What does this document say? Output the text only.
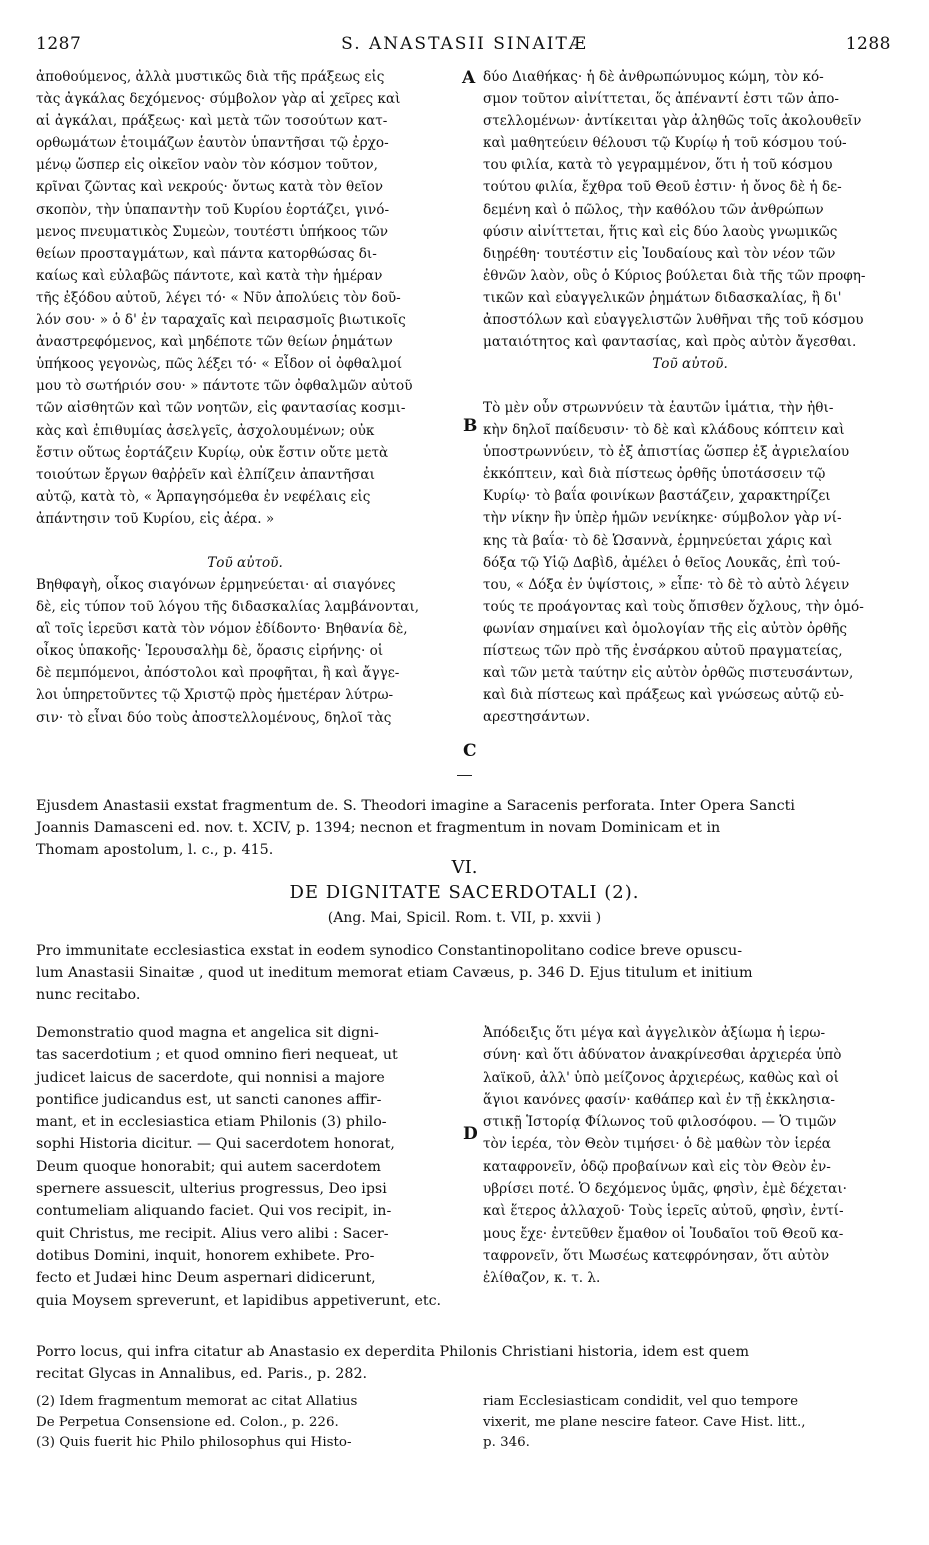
1287	S. ANASTASII SINAITÆ	1288
ἀποθούμενος, ἀλλὰ μυστικῶς διὰ τῆς πράξεως εἰς
τὰς ἀγκάλας δεχόμενος· σύμβολον γὰρ αἱ χεῖρες καὶ
αἱ ἀγκάλαι, πράξεως· καὶ μετὰ τῶν τοσούτων κατ-
ορθωμάτων ἑτοιμάζων ἑαυτὸν ὑπαντῆσαι τῷ ἐρχο-
μένῳ ὥσπερ εἰς οἰκεῖον ναὸν τὸν κόσμον τοῦτον,
κρῖναι ζῶντας καὶ νεκρούς· ὄντως κατὰ τὸν θεῖον
σκοπὸν, τὴν ὑπαπαντὴν τοῦ Κυρίου ἑορτάζει, γινό-
μενος πνευματικὸς Συμεὼν, τουτέστι ὑπήκοος τῶν
θείων προσταγμάτων, καὶ πάντα κατορθώσας δι-
καίως καὶ εὐλαβῶς πάντοτε, καὶ κατὰ τὴν ἡμέραν
τῆς ἐξόδου αὐτοῦ, λέγει τό· « Νῦν ἀπολύεις τὸν δοῦ-
λόν σου· » ὁ δ' ἐν ταραχαῖς καὶ πειρασμοῖς βιωτικοῖς
ἀναστρεφόμενος, καὶ μηδέποτε τῶν θείων ῥημάτων
ὑπήκοος γεγονὼς, πῶς λέξει τό· « Εἶδον οἱ ὀφθαλμοί
μου τὸ σωτήριόν σου· » πάντοτε τῶν ὀφθαλμῶν αὐτοῦ
τῶν αἰσθητῶν καὶ τῶν νοητῶν, εἰς φαντασίας κοσμι-
κὰς καὶ ἐπιθυμίας ἀσελγεῖς, ἀσχολουμένων; οὐκ
ἔστιν οὕτως ἑορτάζειν Κυρίῳ, οὐκ ἔστιν οὔτε μετὰ
τοιούτων ἔργων θαῤῥεῖν καὶ ἐλπίζειν ἀπαντῆσαι
αὐτῷ, κατὰ τὸ, « Ἁρπαγησόμεθα ἐν νεφέλαις εἰς
ἀπάντησιν τοῦ Κυρίου, εἰς ἀέρα. »
Τοῦ αὐτοῦ.
Βηθφαγὴ, οἶκος σιαγόνων ἑρμηνεύεται· αἱ σιαγόνες
δὲ, εἰς τύπον τοῦ λόγου τῆς διδασκαλίας λαμβάνονται,
αἳ τοῖς ἱερεῦσι κατὰ τὸν νόμον ἐδίδοντο· Βηθανία δὲ,
οἶκος ὑπακοῆς· Ἱερουσαλὴμ δὲ, ὅρασις εἰρήνης· οἱ
δὲ πεμπόμενοι, ἀπόστολοι καὶ προφῆται, ἢ καὶ ἄγγε-
λοι ὑπηρετοῦντες τῷ Χριστῷ πρὸς ἡμετέραν λύτρω-
σιν· τὸ εἶναι δύο τοὺς ἀποστελλομένους, δηλοῖ τὰς
δύο Διαθήκας· ἡ δὲ ἀνθρωπώνυμος κώμη, τὸν κό-
σμον τοῦτον αἰνίττεται, ὅς ἀπέναντί ἐστι τῶν ἀπο-
στελλομένων· ἀντίκειται γὰρ ἀληθῶς τοῖς ἀκολουθεῖν
καὶ μαθητεύειν θέλουσι τῷ Κυρίῳ ἡ τοῦ κόσμου τού-
του φιλία, κατὰ τὸ γεγραμμένον, ὅτι ἡ τοῦ κόσμου
τούτου φιλία, ἔχθρα τοῦ Θεοῦ ἐστιν· ἡ ὄνος δὲ ἡ δε-
δεμένη καὶ ὁ πῶλος, τὴν καθόλου τῶν ἀνθρώπων
φύσιν αἰνίττεται, ἥτις καὶ εἰς δύο λαοὺς γνωμικῶς
διῃρέθη· τουτέστιν εἰς Ἰουδαίους καὶ τὸν νέον τῶν
ἐθνῶν λαὸν, οὓς ὁ Κύριος βούλεται διὰ τῆς τῶν προφη-
τικῶν καὶ εὐαγγελικῶν ῥημάτων διδασκαλίας, ἢ δι'
ἀποστόλων καὶ εὐαγγελιστῶν λυθῆναι τῆς τοῦ κόσμου
ματαιότητος καὶ φαντασίας, καὶ πρὸς αὐτὸν ἄγεσθαι.
Τοῦ αὐτοῦ.
Τὸ μὲν οὖν στρωννύειν τὰ ἑαυτῶν ἱμάτια, τὴν ἠθι-
κὴν δηλοῖ παίδευσιν· τὸ δὲ καὶ κλάδους κόπτειν καὶ
ὑποστρωννύειν, τὸ ἐξ ἀπιστίας ὥσπερ ἐξ ἀγριελαίου
ἐκκόπτειν, καὶ διὰ πίστεως ὀρθῆς ὑποτάσσειν τῷ
Κυρίῳ· τὸ βαΐα φοινίκων βαστάζειν, χαρακτηρίζει
τὴν νίκην ἣν ὑπὲρ ἡμῶν νενίκηκε· σύμβολον γὰρ νί-
κης τὰ βαΐα· τὸ δὲ Ὡσαννὰ, ἑρμηνεύεται χάρις καὶ
δόξα τῷ Υἱῷ Δαβὶδ, ἀμέλει ὁ θεῖος Λουκᾶς, ἐπὶ τού-
του, « Δόξα ἐν ὑψίστοις, » εἶπε· τὸ δὲ τὸ αὐτὸ λέγειν
τούς τε προάγοντας καὶ τοὺς ὄπισθεν ὄχλους, τὴν ὁμό-
φωνίαν σημαίνει καὶ ὁμολογίαν τῆς εἰς αὐτὸν ὀρθῆς
πίστεως τῶν πρὸ τῆς ἐνσάρκου αὐτοῦ πραγματείας,
καὶ τῶν μετὰ ταύτην εἰς αὐτὸν ὀρθῶς πιστευσάντων,
καὶ διὰ πίστεως καὶ πράξεως καὶ γνώσεως αὐτῷ εὐ-
αρεστησάντων.
A
B
C
Ejusdem Anastasii exstat fragmentum de. S. Theodori imagine a Saracenis perforata. Inter Opera Sancti
Joannis Damasceni ed. nov. t. XCIV, p. 1394; necnon et fragmentum in novam Dominicam et in
Thomam apostolum, l. c., p. 415.
VI.
DE DIGNITATE SACERDOTALI (2).
(Ang. Mai, Spicil. Rom. t. VII, p. xxvii )
Pro immunitate ecclesiastica exstat in eodem synodico Constantinopolitano codice breve opuscu-
lum Anastasii Sinaitæ , quod ut ineditum memorat etiam Cavæus, p. 346 D. Ejus titulum et initium
nunc recitabo.
Demonstratio quod magna et angelica sit digni-
tas sacerdotium ; et quod omnino fieri nequeat, ut
judicet laicus de sacerdote, qui nonnisi a majore
pontifice judicandus est, ut sancti canones affir-
mant, et in ecclesiastica etiam Philonis (3) philo-
sophi Historia dicitur. — Qui sacerdotem honorat,
Deum quoque honorabit; qui autem sacerdotem
spernere assuescit, ulterius progressus, Deo ipsi
contumeliam aliquando faciet. Qui vos recipit, in-
quit Christus, me recipit. Alius vero alibi : Sacer-
dotibus Domini, inquit, honorem exhibete. Pro-
fecto et Judæi hinc Deum aspernari didicerunt,
quia Moysem spreverunt, et lapidibus appetiverunt, etc.
D
Ἀπόδειξις ὅτι μέγα καὶ ἀγγελικὸν ἀξίωμα ἡ ἱερω-
σύνη· καὶ ὅτι ἀδύνατον ἀνακρίνεσθαι ἀρχιερέα ὑπὸ
λαϊκοῦ, ἀλλ' ὑπὸ μείζονος ἀρχιερέως, καθὼς καὶ οἱ
ἅγιοι κανόνες φασίν· καθάπερ καὶ ἐν τῇ ἐκκλησια-
στικῇ Ἱστορίᾳ Φίλωνος τοῦ φιλοσόφου. — Ὁ τιμῶν
τὸν ἱερέα, τὸν Θεὸν τιμήσει· ὁ δὲ μαθὼν τὸν ἱερέα
καταφρονεῖν, ὁδῷ προβαίνων καὶ εἰς τὸν Θεὸν ἐν-
υβρίσει ποτέ. Ὁ δεχόμενος ὑμᾶς, φησὶν, ἐμὲ δέχεται·
καὶ ἕτερος ἀλλαχοῦ· Τοὺς ἱερεῖς αὐτοῦ, φησὶν, ἐντί-
μους ἔχε· ἐντεῦθεν ἔμαθον οἱ Ἰουδαῖοι τοῦ Θεοῦ κα-
ταφρονεῖν, ὅτι Μωσέως κατεφρόνησαν, ὅτι αὐτὸν
ἐλίθαζον, κ. τ. λ.
Porro locus, qui infra citatur ab Anastasio ex deperdita Philonis Christiani historia, idem est quem
recitat Glycas in Annalibus, ed. Paris., p. 282.
(2) Idem fragmentum memorat ac citat Allatius
De Perpetua Consensione ed. Colon., p. 226.
(3) Quis fuerit hic Philo philosophus qui Histo-
riam Ecclesiasticam condidit, vel quo tempore
vixerit, me plane nescire fateor. Cave Hist. litt.,
p. 346.
